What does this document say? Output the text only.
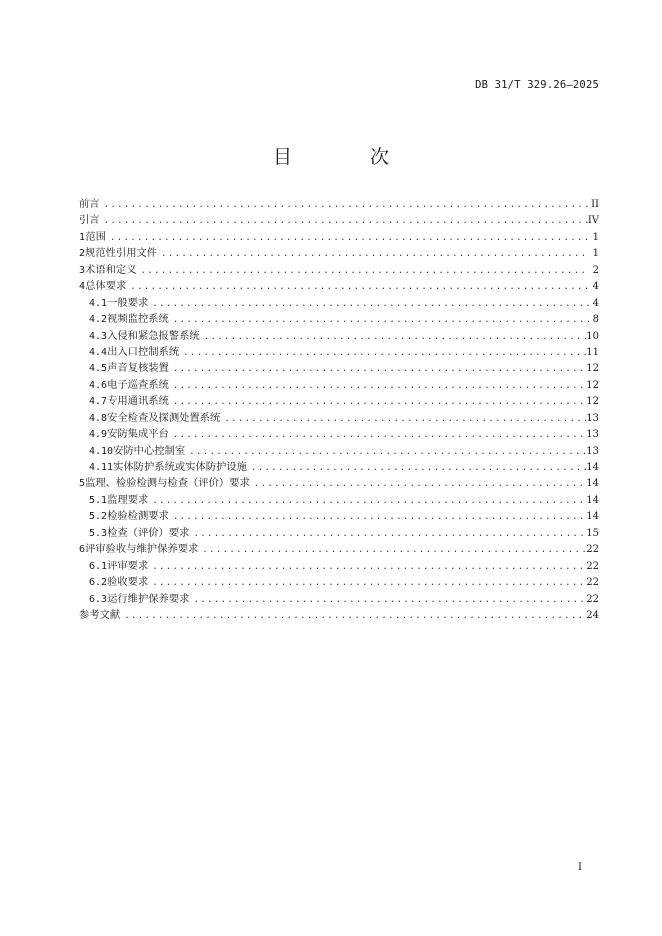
DB 31/T 329.26—2025
目 次
前言 .....	II
引言 .....	IV
1 范围 .....	1
2 规范性引用文件 .....	1
3 术语和定义 .....	2
4 总体要求 .....	4
4.1 一般要求 .....	4
4.2 视频监控系统 .....	8
4.3 入侵和紧急报警系统 .....	10
4.4 出入口控制系统 .....	11
4.5 声音复核装置 .....	12
4.6 电子巡查系统 .....	12
4.7 专用通讯系统 .....	12
4.8 安全检查及探测处置系统 .....	13
4.9 安防集成平台 .....	13
4.10 安防中心控制室 .....	13
4.11 实体防护系统或实体防护设施 .....	14
5 监理、检验检测与检查（评价）要求 .....	14
5.1 监理要求 .....	14
5.2 检验检测要求 .....	14
5.3 检查（评价）要求 .....	15
6 评审验收与维护保养要求 .....	22
6.1 评审要求 .....	22
6.2 验收要求 .....	22
6.3 运行维护保养要求 .....	22
参考文献 .....	24
I
